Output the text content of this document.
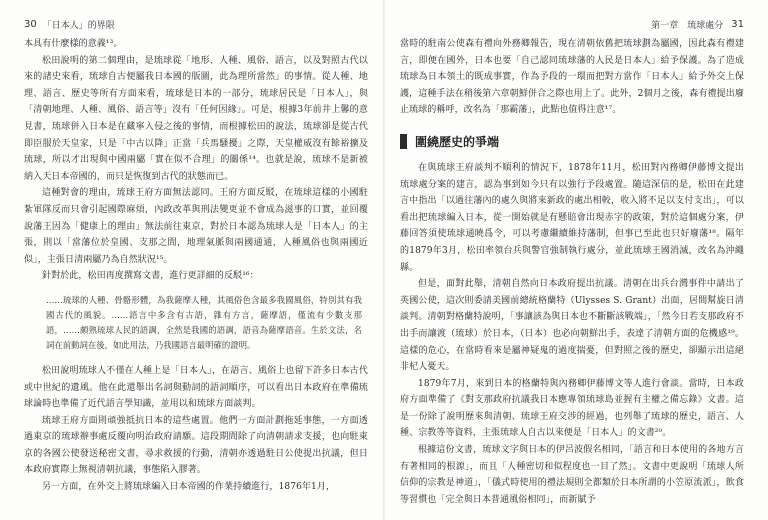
30 「日本人」的界限

本具有什麼樣的意義¹³。

松田說明的第二個理由，是琉球從「地形、人種、風俗、語言，以及對照古代以來的諸史來看，琉球自古便屬我日本國的版圖，此為理所當然」的事情。從人種、地理、語言、歷史等所有方面來看，琉球是日本的一部分，琉球居民是「日本人」，與「清朝地理、人種、風俗、語言等」沒有「任何因緣」。可是，根據3年前井上馨的意見書，琉球併入日本是在藏寧入侵之後的事情，而根據松田的說法，琉球卻是從古代即臣服於天皇家，只是「中古以降」正當「兵馬騷擾」之際，天皇權威沒有餘裕擴及琉球，所以才出現與中國兩屬「實在似不合理」的關係¹⁴。也就是說，琉球不是新被納入天日本帝國的，而只是恢復到古代的狀態而已。

這種對會的理由，琉球王府方面無法認同。王府方面反駁，在琉球這樣的小國駐紮軍隊反而只會引起國際麻煩，內政改革與刑法變更並不會成為滋事的口實，並回覆說藩王因為「健康上的理由」無法前往東京，對於日本認為琉球人是「日本人」的主張，則以「當藩位於皇國、支那之間，地理氣脈與兩國通通，人種風俗也與兩國近似」，主張日清兩屬乃為自然狀況¹⁵。

針對於此，松田再度撰寫文書，進行更詳細的反駁¹⁶：

……琉球的人種、骨骼形體，為我薩摩人種，其風俗色含最多我國風俗，特別其有我國古代的風貌。……語言中多含有古語，雜有方言，薩摩語，僅流有少數支那語，……頗熟琉球人民的語調，全然是我國的語調，語音為薩摩語音。生於文法，名詞在前動詞在後，如此用法，乃我國語言最明確的證明。

松田說明琉球人不僅在人種上是「日本人」，在語言、風俗上也留下許多日本古代或中世紀的遺風。他在此還舉出名詞與動詞的語詞順序，可以看出日本政府在準備琉球論時也準備了近代語言學知識，並用以和琉球方面談判。

琉球王府方面則頑強抵抗日本的這些處置。他們一方面計劃拖延事態，一方面透過東京的琉球辦事處反覆向明治政府請願。這段期間除了向清朝請求支援，也向駐東京的各國公使發送秘密文書，尋求救援的行動，清朝亦透過駐日公使提出抗議，但日本政府實際上無視清朝抗議，事態陷入膠著。

另一方面，在外交上將琉球編入日本帝國的作業持續進行，1876年1月，

第一章　琉球處分 31

當時的駐南公使森有禮向外務卿報告，現在清朝依舊把琉球劃為屬國，因此森有禮建言，即便在國外，日本也要「自己認同琉球藩的人民是日本人」給予保護。為了造成琉球為日本領土的既成事實，作為予段的一環而把對方當作「日本人」給予外交上保護，這種手法在稍後第六章朝鮮併合之際也用上了。此外，2個月之後，森有禮提出廢止琉球的稱呼，改名為「那霸藩」，此點也值得注意¹⁷。

圍繞歷史的爭端

在與琉球王府談判不順利的情況下，1878年11月，松田對內務卿伊藤博文提出琉球處分案的建言，認為事到如今只有以強行予段處置。隨這深信的是，松田在此建言中指出「以過往藩內的處久與將來新政的處出相較，收入將不足以支付支出」，可以看出把琉球編入日本，從一開始就是有懸賠會出現赤字的政策，對於這個處分案，伊藤回答須使琉球通曉爲令，可以考慮繼續維持藩制，但事已至此也只好廢藩¹⁸。隔年的1879年3月，松田率領台兵與警官強制執行處分，並此琉球王國消滅，改名為沖繩縣。

但是，面對此舉，清朝自然向日本政府提出抗議。清朝在出兵台灣事件中請出了英國公使，這次則委請美國前總統格蘭特（Ulysses S. Grant）出面，居間幫旋日清談判。清朝對格蘭特說明，「事讓該為與日本也不斷斷該戰端」，「然今日若支那政府不出手而讓渡（琉球）於日本，（日本）也必向朝鮮出手，表達了清朝方面的危機感¹⁹。這樣的危心，在當時看來是屬神疑鬼的過度揣憂，但對照之後的歷史，卻顯示出這絕非杞人憂天。

1879年7月，來到日本的格蘭特與內務卿伊藤博文等人進行會談。當時，日本政府方面準備了《對支那政府抗議我日本應專領琉球島並握有主權之備忘錄》文書。這是一份除了說明歷來與清朝、琉球王府交涉的經過，也列舉了琉球的歷史，語言、人種、宗教等等資料，主張琉球人自古以來便是「日本人」的文書²⁰。

根據這份文書，琉球文字與日本的伊呂波假名相同，「語言和日本使用的各地方言有著相同的根源」，而且「人種密切和似程度也一目了然」。文書中更說明「琉球人所信仰的宗教是神道」，「儀式時使用的禮法規則全都類於日本所謂的小笠原流派」，飲食等習慣也「完全與日本普通風俗相同」，而新賦予
